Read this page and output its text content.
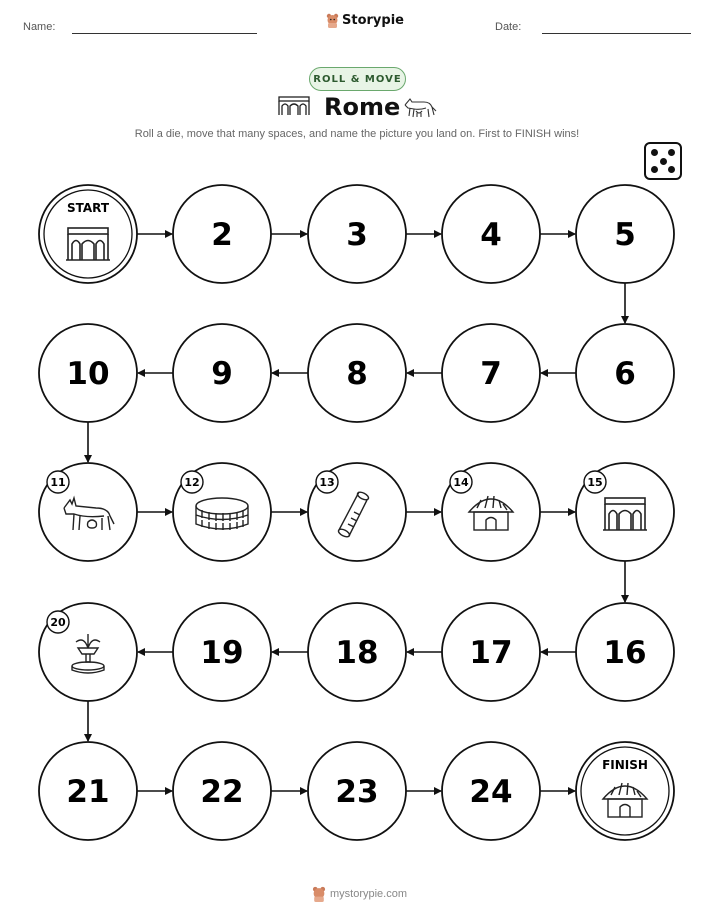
Name:	Storypie	Date:
ROLL & MOVE
Rome
Roll a die, move that many spaces, and name the picture you land on. First to FINISH wins!
START
2	3	4	5
6
7
8
9
10
11	12	13	14	15
16
17
18
19
20
21	22	23	24
FINISH
mystorypie.com
